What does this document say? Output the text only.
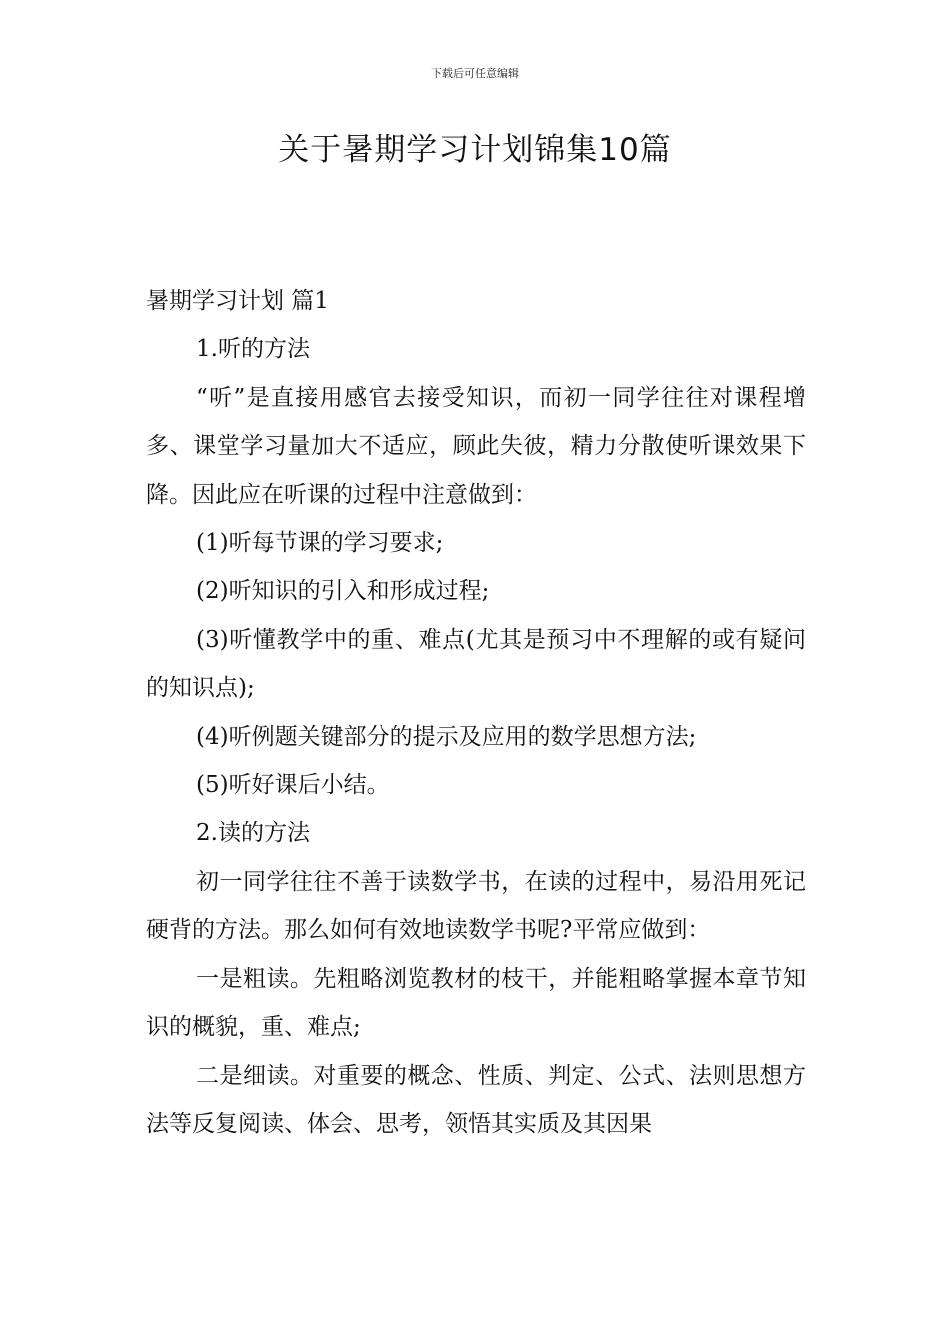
下载后可任意编辑
关于暑期学习计划锦集10篇

暑期学习计划 篇1

1.听的方法

“听”是直接用感官去接受知识，而初一同学往往对课程增多、课堂学习量加大不适应，顾此失彼，精力分散使听课效果下降。因此应在听课的过程中注意做到：

(1)听每节课的学习要求;

(2)听知识的引入和形成过程;

(3)听懂教学中的重、难点(尤其是预习中不理解的或有疑问的知识点);

(4)听例题关键部分的提示及应用的数学思想方法;

(5)听好课后小结。

2.读的方法

初一同学往往不善于读数学书，在读的过程中，易沿用死记硬背的方法。那么如何有效地读数学书呢?平常应做到：

一是粗读。先粗略浏览教材的枝干，并能粗略掌握本章节知识的概貌，重、难点;

二是细读。对重要的概念、性质、判定、公式、法则思想方法等反复阅读、体会、思考，领悟其实质及其因果
